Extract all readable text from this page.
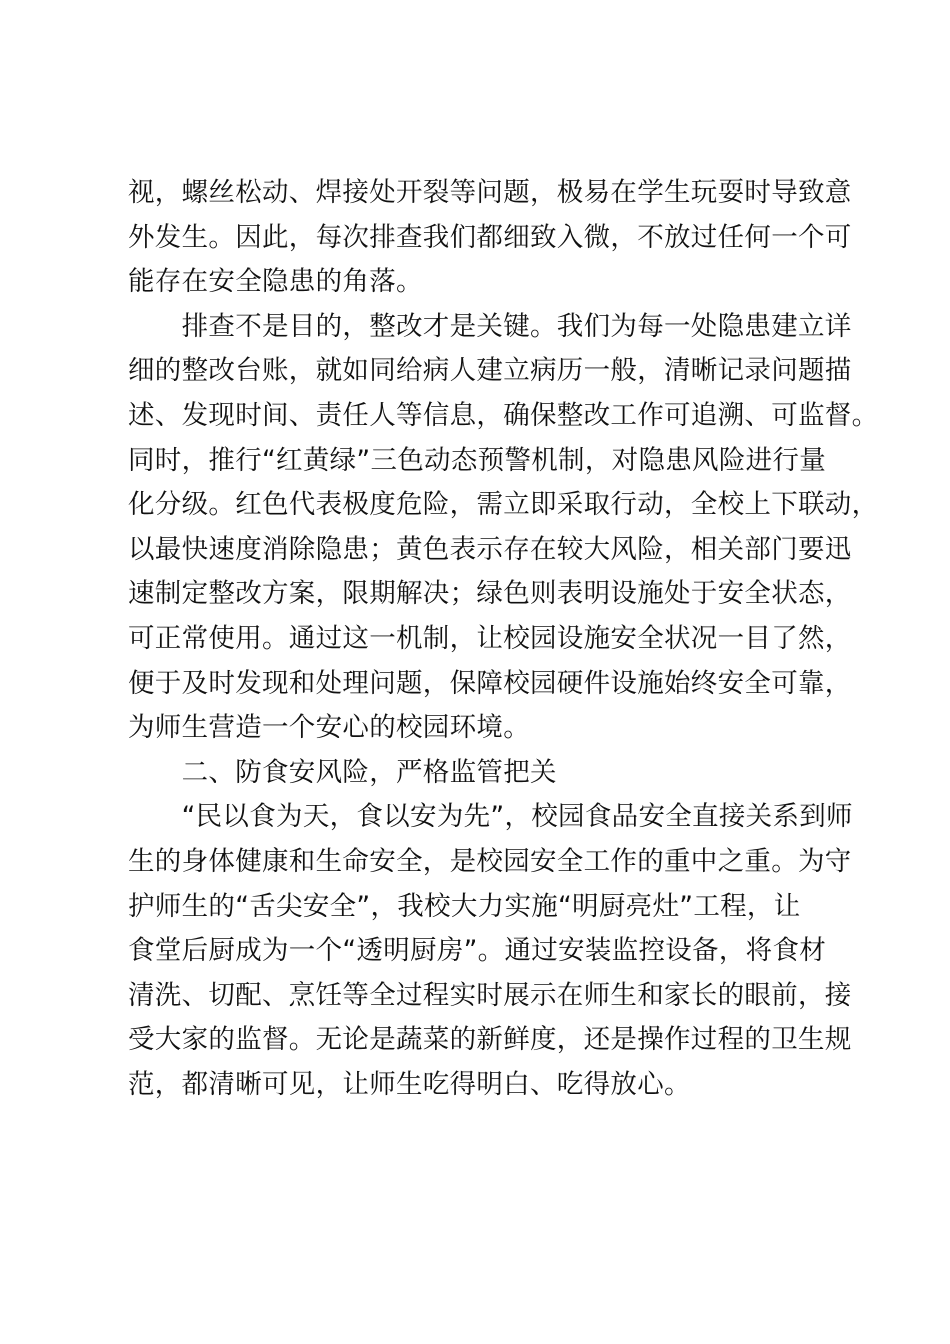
视，螺丝松动、焊接处开裂等问题，极易在学生玩耍时导致意
外发生。因此，每次排查我们都细致入微，不放过任何一个可
能存在安全隐患的角落。
　　排查不是目的，整改才是关键。我们为每一处隐患建立详
细的整改台账，就如同给病人建立病历一般，清晰记录问题描
述、发现时间、责任人等信息，确保整改工作可追溯、可监督。
同时，推行“红黄绿”三色动态预警机制，对隐患风险进行量
化分级。红色代表极度危险，需立即采取行动，全校上下联动，
以最快速度消除隐患；黄色表示存在较大风险，相关部门要迅
速制定整改方案，限期解决；绿色则表明设施处于安全状态，
可正常使用。通过这一机制，让校园设施安全状况一目了然，
便于及时发现和处理问题，保障校园硬件设施始终安全可靠，
为师生营造一个安心的校园环境。
　　二、防食安风险，严格监管把关
　　“民以食为天，食以安为先”，校园食品安全直接关系到师
生的身体健康和生命安全，是校园安全工作的重中之重。为守
护师生的“舌尖安全”，我校大力实施“明厨亮灶”工程，让
食堂后厨成为一个“透明厨房”。通过安装监控设备，将食材
清洗、切配、烹饪等全过程实时展示在师生和家长的眼前，接
受大家的监督。无论是蔬菜的新鲜度，还是操作过程的卫生规
范，都清晰可见，让师生吃得明白、吃得放心。
